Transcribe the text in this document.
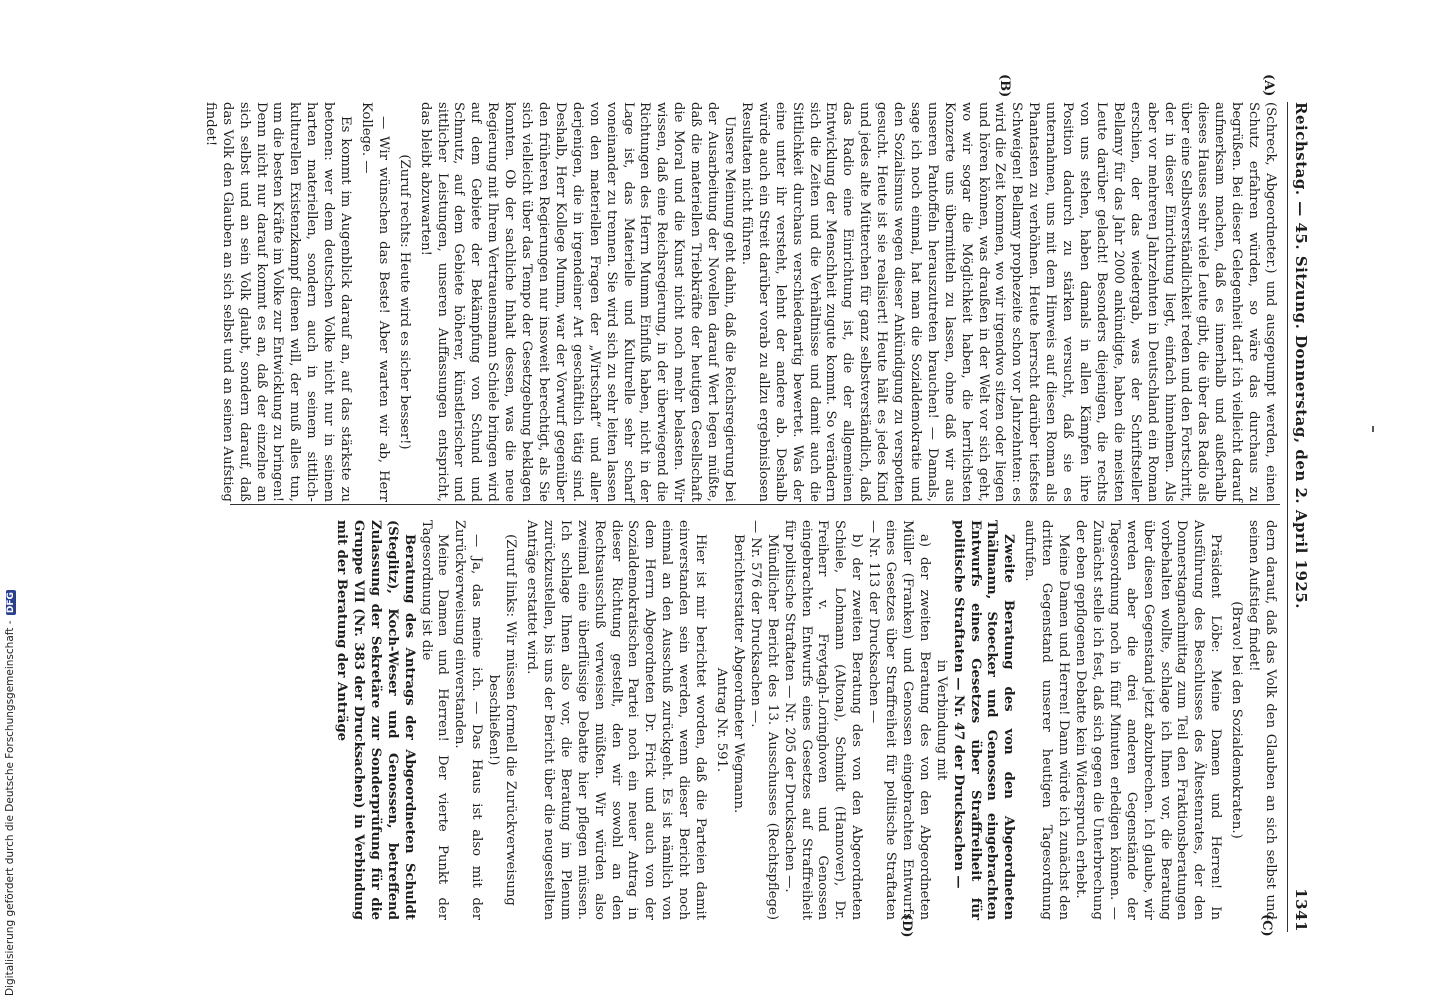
Reichstag. — 45. Sitzung. Donnerstag, den 2. April 1925.
1341
(A)
(B)
(C)
(D)

(Schreck, Abgeordneter.) und ausgepumpt werden, einen Schutz erfahren würden, so wäre das durchaus zu begrüßen. Bei dieser Gelegenheit darf ich vielleicht darauf aufmerksam machen, daß es innerhalb und außerhalb dieses Hauses sehr viele Leute gibt, die über das Radio als über eine Selbstverständlichkeit reden und den Fortschritt, der in dieser Einrichtung liegt, einfach hinnehmen. Als aber vor mehreren Jahrzehnten in Deutschland ein Roman erschien, der das wiedergab, was der Schriftsteller Bellamy für das Jahr 2000 ankündigte, haben die meisten Leute darüber gelacht! Besonders diejenigen, die rechts von uns stehen, haben damals in allen Kämpfen ihre Position dadurch zu stärken versucht, daß sie es unternahmen, uns mit dem Hinweis auf diesen Roman als Phantasten zu verhöhnen. Heute herrscht darüber tiefstes Schweigen! Bellamy prophezeite schon vor Jahrzehnten: es wird die Zeit kommen, wo wir irgendwo sitzen oder liegen und hören können, was draußen in der Welt vor sich geht, wo wir sogar die Möglichkeit haben, die herrlichsten Konzerte uns übermitteln zu lassen, ohne daß wir aus unseren Pantoffeln herauszutreten brauchen! — Damals, sage ich noch einmal, hat man die Sozialdemokratie und den Sozialismus wegen dieser Ankündigung zu verspotten gesucht. Heute ist sie realisiert! Heute hält es jedes Kind und jedes alte Mütterchen für ganz selbstverständlich, daß das Radio eine Einrichtung ist, die der allgemeinen Entwicklung der Menschheit zugute kommt. So verändern sich die Zeiten und die Verhältnisse und damit auch die Sittlichkeit durchaus verschiedenartig bewertet. Was der eine unter ihr versteht, lehnt der andere ab. Deshalb würde auch ein Streit darüber vorab zu allzu ergebnislosen Resultaten nicht führen.

Unsere Meinung geht dahin, daß die Reichsregierung bei der Ausarbeitung der Novellen darauf Wert legen müßte, daß die materiellen Triebkräfte der heutigen Gesellschaft die Moral und die Kunst nicht noch mehr belasten. Wir wissen, daß eine Reichsregierung, in der überwiegend die Richtungen des Herrn Mumm Einfluß haben, nicht in der Lage ist, das Materielle und Kulturelle sehr scharf voneinander zu trennen. Sie wird sich zu sehr leiten lassen von den materiellen Fragen der „Wirtschaft“ und aller derjenigen, die in irgendeiner Art geschäftlich tätig sind. Deshalb, Herr Kollege Mumm, war der Vorwurf gegenüber den früheren Regierungen nur insoweit berechtigt, als Sie sich vielleicht über das Tempo der Gesetzgebung beklagen konnten. Ob der sachliche Inhalt dessen, was die neue Regierung mit Ihrem Vertrauensmann Schiele bringen wird auf dem Gebiete der Bekämpfung von Schund und Schmutz, auf dem Gebiete höherer, künstlerischer und sittlicher Leistungen, unseren Auffassungen entspricht, das bleibt abzuwarten!

(Zuruf rechts: Heute wird es sicher besser!)

— Wir wünschen das Beste! Aber warten wir ab, Herr Kollege. —

Es kommt im Augenblick darauf an, auf das stärkste zu betonen: wer dem deutschen Volke nicht nur in seinem harten materiellen, sondern auch in seinem sittlich-kulturellen Existenzkampf dienen will, der muß alles tun, um die besten Kräfte im Volke zur Entwicklung zu bringen! Denn nicht nur darauf kommt es an, daß der einzelne an sich selbst und an sein Volk glaubt, sondern darauf, daß das Volk den Glauben an sich selbst und an seinen Aufstieg findet!

dern darauf, daß das Volk den Glauben an sich selbst und seinen Aufstieg findet!

(Bravo! bei den Sozialdemokraten.)

Präsident Löbe: Meine Damen und Herren! In Ausführung des Beschlusses des Ältestenrates, der den Donnerstagnachmittag zum Teil den Fraktionsberatungen vorbehalten wollte, schlage ich Ihnen vor, die Beratung über diesen Gegenstand jetzt abzubrechen. Ich glaube, wir werden aber die drei anderen Gegenstände der Tagesordnung noch in fünf Minuten erledigen können. — Zunächst stelle ich fest, daß sich gegen die Unterbrechung der eben gepflogenen Debatte kein Widerspruch erhebt.

Meine Damen und Herren! Dann würde ich zunächst den dritten Gegenstand unserer heutigen Tagesordnung aufrufen.

Zweite Beratung des von den Abgeordneten Thälmann, Stoecker und Genossen eingebrachten Entwurfs eines Gesetzes über Straffreiheit für politische Straftaten — Nr. 47 der Drucksachen —

in Verbindung mit

a) der zweiten Beratung des von den Abgeordneten Müller (Franken) und Genossen eingebrachten Entwurfs eines Gesetzes über Straffreiheit für politische Straftaten — Nr. 113 der Drucksachen —

b) der zweiten Beratung des von den Abgeordneten Schiele, Lohmann (Altona), Schmidt (Hannover), Dr. Freiherr v. Freytagh-Loringhoven und Genossen eingebrachten Entwurfs eines Gesetzes auf Straffreiheit für politische Straftaten — Nr. 205 der Drucksachen —.

Mündlicher Bericht des 13. Ausschusses (Rechtspflege) — Nr. 576 der Drucksachen —.

Berichterstatter Abgeordneter Wegmann.

Antrag Nr. 591.

Hier ist mir berichtet worden, daß die Parteien damit einverstanden sein werden, wenn dieser Bericht noch einmal an den Ausschuß zurückgeht. Es ist nämlich von dem Herrn Abgeordneten Dr. Frick und auch von der Sozialdemokratischen Partei noch ein neuer Antrag in dieser Richtung gestellt, den wir sowohl an den Rechtsausschuß verweisen müßten. Wir würden also zweimal eine überflüssige Debatte hier pflegen müssen. Ich schlage Ihnen also vor, die Beratung im Plenum zurückzustellen, bis uns der Bericht über die neugestellten Anträge erstattet wird.

(Zuruf links: Wir müssen formell die Zurückverweisung beschließen!)

— Ja, das meine ich. — Das Haus ist also mit der Zurückverweisung einverstanden.

Meine Damen und Herren! Der vierte Punkt der Tagesordnung ist die

Beratung des Antrags der Abgeordneten Schuldt (Steglitz), Koch-Weser und Genossen, betreffend Zulassung der Sekretäre zur Sonderprüfung für die Gruppe VII (Nr. 383 der Drucksachen) in Verbindung mit der Beratung der Anträge

Digitalisierung gefördert durch die Deutsche Forschungsgemeinschaft - DFG
